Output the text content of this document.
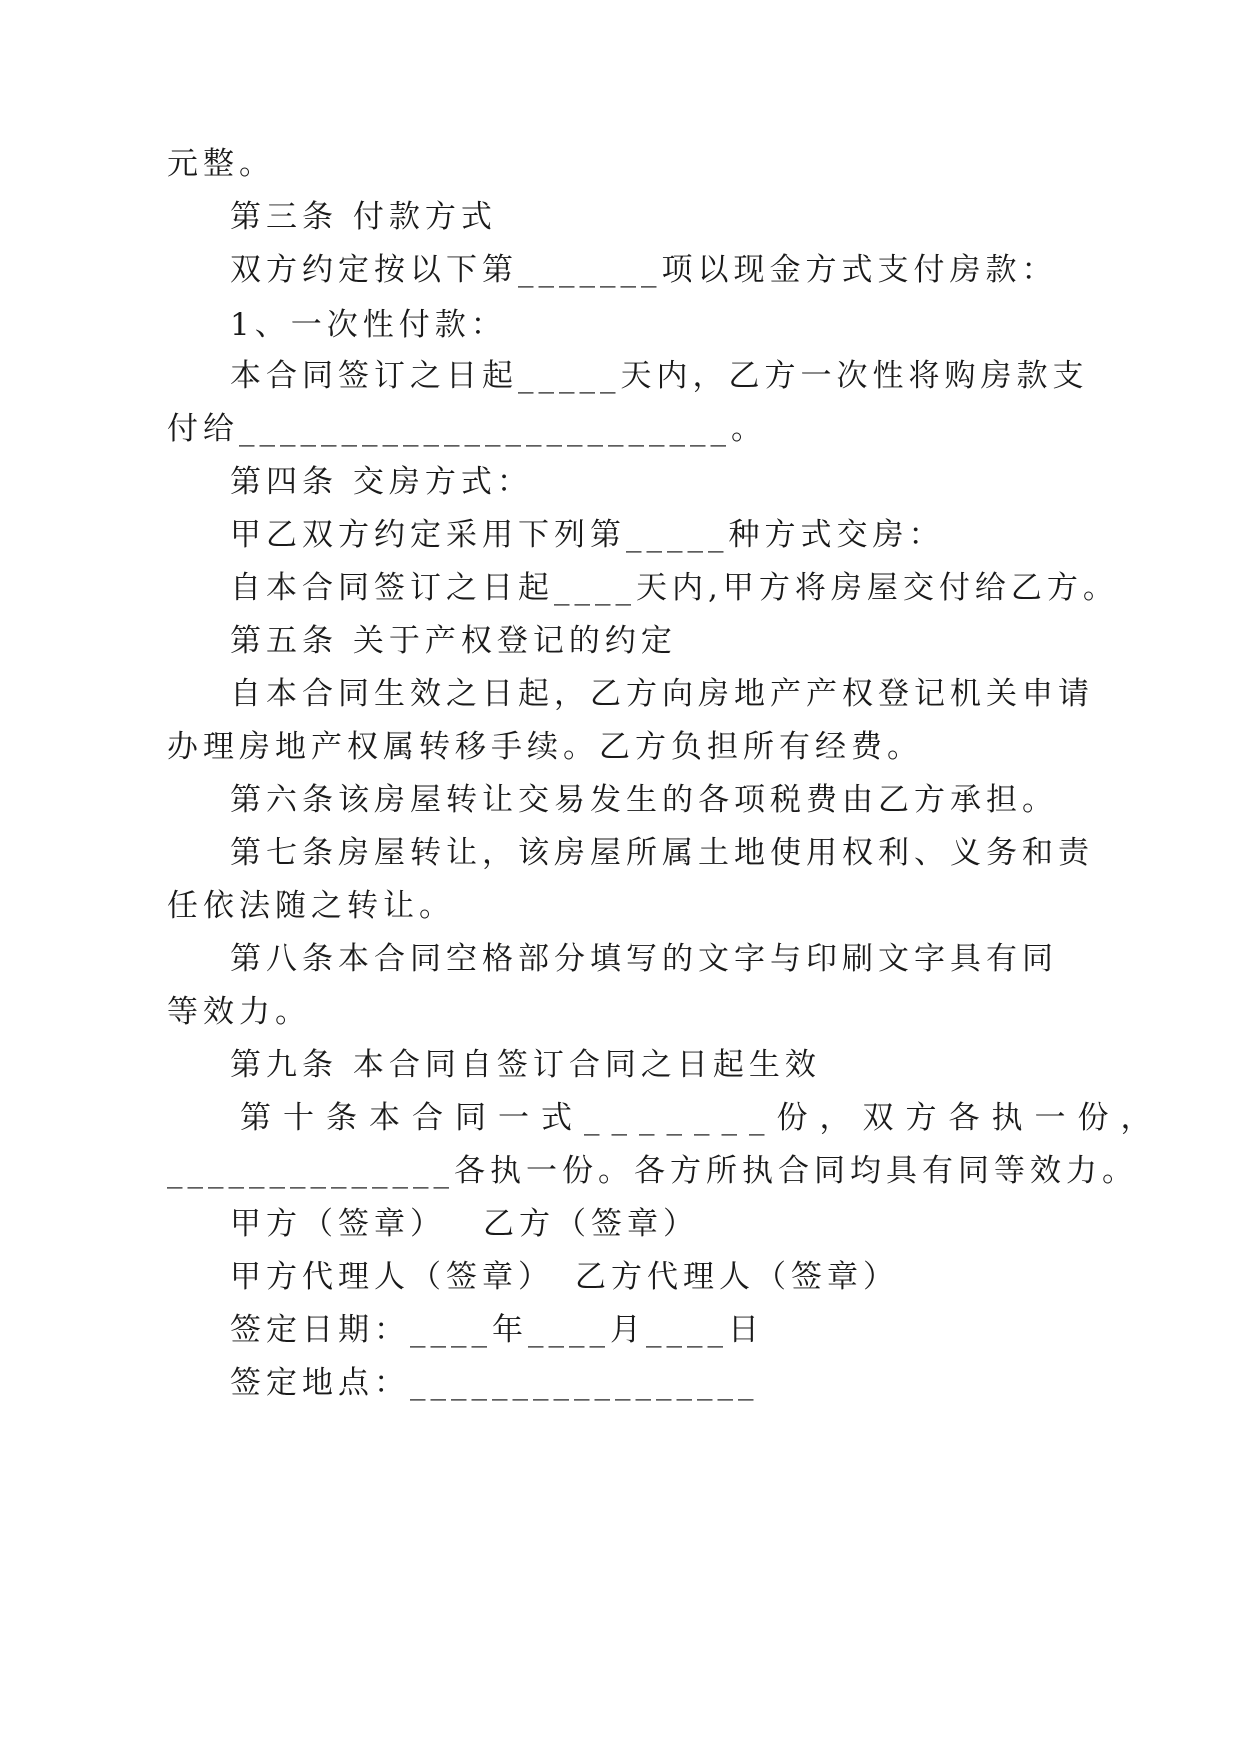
元整。
第三条 付款方式
双方约定按以下第_______项以现金方式支付房款：
1、一次性付款：
本合同签订之日起_____天内，乙方一次性将购房款支
付给________________________。
第四条 交房方式：
甲乙双方约定采用下列第_____种方式交房：
自本合同签订之日起____天内,甲方将房屋交付给乙方。
第五条 关于产权登记的约定
自本合同生效之日起，乙方向房地产产权登记机关申请
办理房地产权属转移手续。乙方负担所有经费。
第六条该房屋转让交易发生的各项税费由乙方承担。
第七条房屋转让，该房屋所属土地使用权利、义务和责
任依法随之转让。
第八条本合同空格部分填写的文字与印刷文字具有同
等效力。
第九条 本合同自签订合同之日起生效
第十条本合同一式_______份，双方各执一份，
______________各执一份。各方所执合同均具有同等效力。
甲方（签章） 乙方（签章）
甲方代理人（签章） 乙方代理人（签章）
签定日期：____年____月____日
签定地点：_________________
